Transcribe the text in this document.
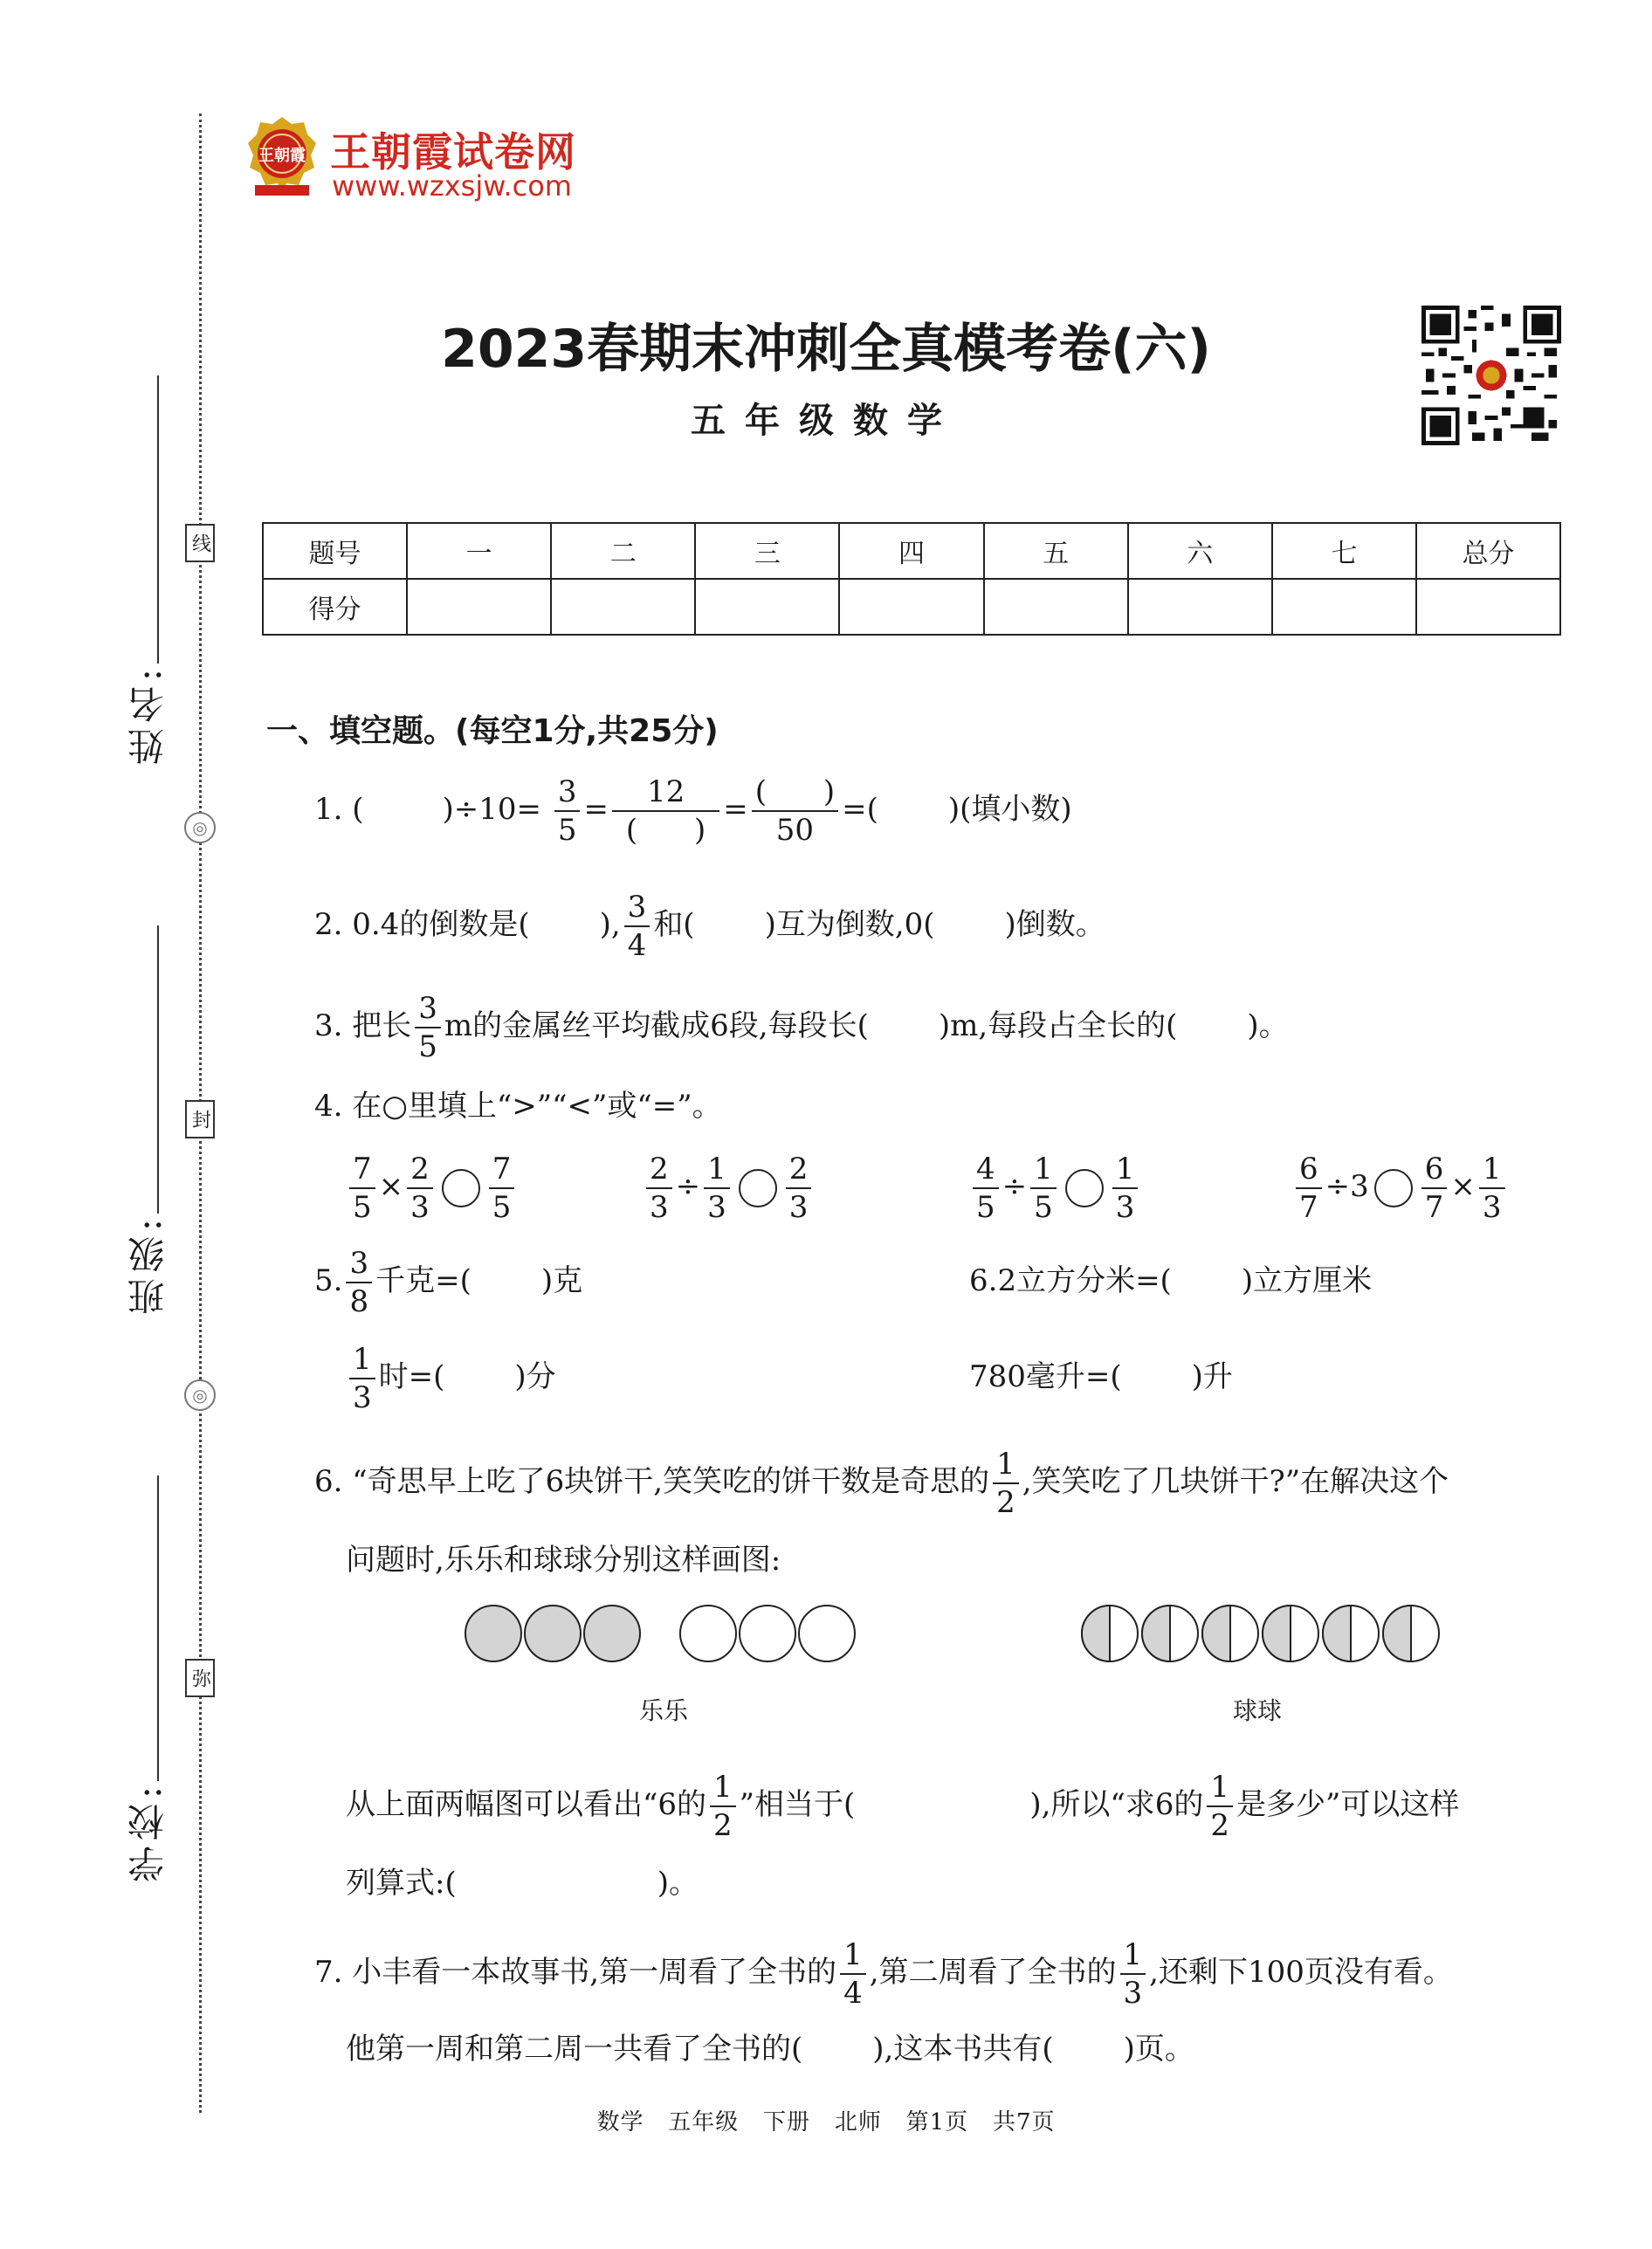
姓名:
班级:
学校:
线
◎
封
◎
弥
王朝霞 王朝霞试卷网
www.wzxsjw.com
2023春期末冲刺全真模考卷(六)
五年级数学
题号	一	二	三	四	五	六	七	总分
得分								
一、填空题。(每空1分,共25分)
1. (	)$\div 10= \frac{3}{5} = \frac{12}{( )} = \frac{( )}{50}$ =( )(填小数)
2. 0.4的倒数是( ), $\frac{3}{4}$ 和( )互为倒数,0( )倒数。
3. 把长 $\frac{3}{5}$ m的金属丝平均截成6段,每段长( )m,每段占全长的( )。
4. 在○里填上“>”“<”或“=”。
$\frac{7}{5} \times \frac{2}{3} \frac{7}{5}$	$\frac{2}{3} \div \frac{1}{3} \frac{2}{3}$	$\frac{4}{5} \div \frac{1}{5} \frac{1}{3}$	$\frac{6}{7} \div 3 \frac{6}{7} \times \frac{1}{3}$
5. $\frac{3}{8}$ 千克=( )克	6.2立方分米=( )立方厘米
$\frac{1}{3}$ 时=( )分	780毫升=( )升
6. “奇思早上吃了6块饼干,笑笑吃的饼干数是奇思的 $\frac{1}{2}$ ,笑笑吃了几块饼干?”在解决这个
问题时,乐乐和球球分别这样画图:
乐乐	球球
从上面两幅图可以看出“6的 $\frac{1}{2}$ ”相当于(	),所以“求6的 $\frac{1}{2}$ 是多少”可以这样
列算式:(	)。
7. 小丰看一本故事书,第一周看了全书的 $\frac{1}{4}$ ,第二周看了全书的 $\frac{1}{3}$ ,还剩下100页没有看。
他第一周和第二周一共看了全书的( ),这本书共有( )页。
数学   五年级   下册   北师   第1页   共7页
